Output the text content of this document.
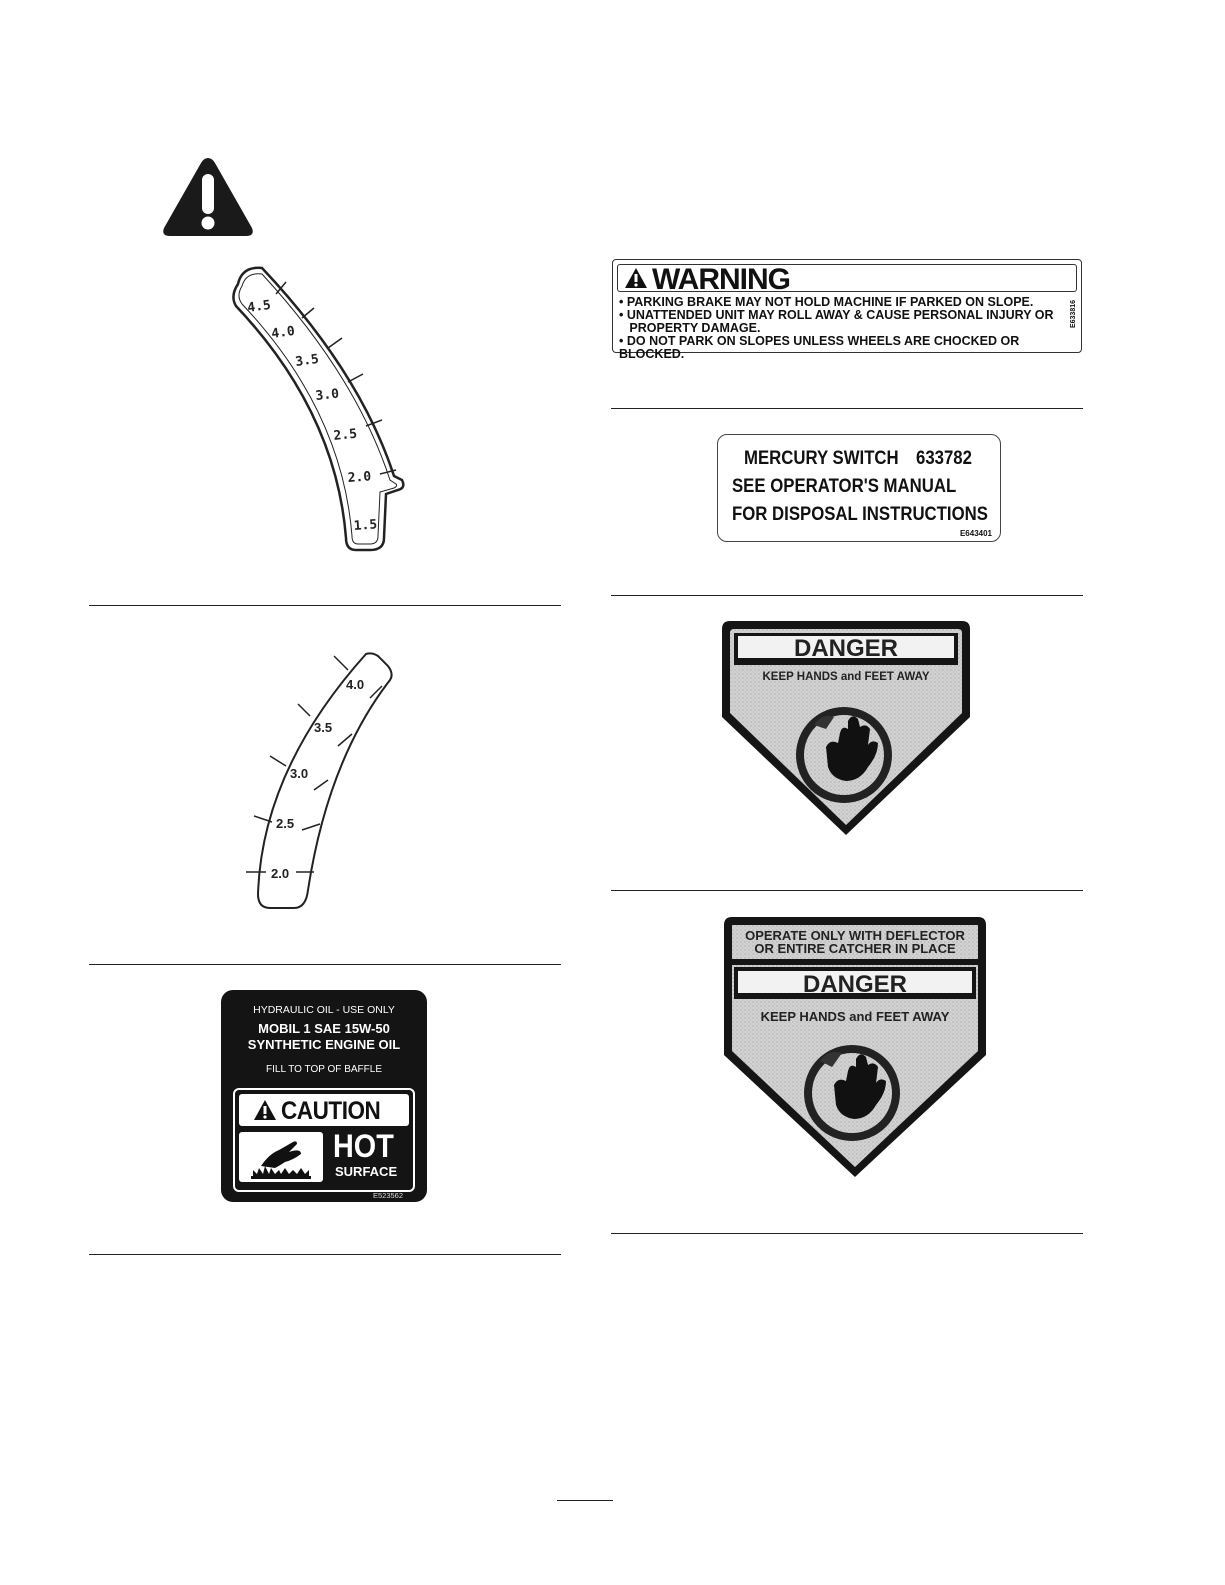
4.5
4.0
3.5
3.0
2.5
2.0
1.5
4.0
3.5
3.0
2.5
2.0
HYDRAULIC OIL - USE ONLY
MOBIL 1 SAE 15W-50
SYNTHETIC ENGINE OIL
FILL TO TOP OF BAFFLE
CAUTION
HOT
SURFACE
E523562
WARNING
• PARKING BRAKE MAY NOT HOLD MACHINE IF PARKED ON SLOPE.
• UNATTENDED UNIT MAY ROLL AWAY & CAUSE PERSONAL INJURY OR
PROPERTY DAMAGE.
• DO NOT PARK ON SLOPES UNLESS WHEELS ARE CHOCKED OR BLOCKED.
E633816
MERCURY SWITCH 633782
SEE OPERATOR'S MANUAL
FOR DISPOSAL INSTRUCTIONS
E643401
DANGER
KEEP HANDS and FEET AWAY
OPERATE ONLY WITH DEFLECTOR
OR ENTIRE CATCHER IN PLACE
DANGER
KEEP HANDS and FEET AWAY
